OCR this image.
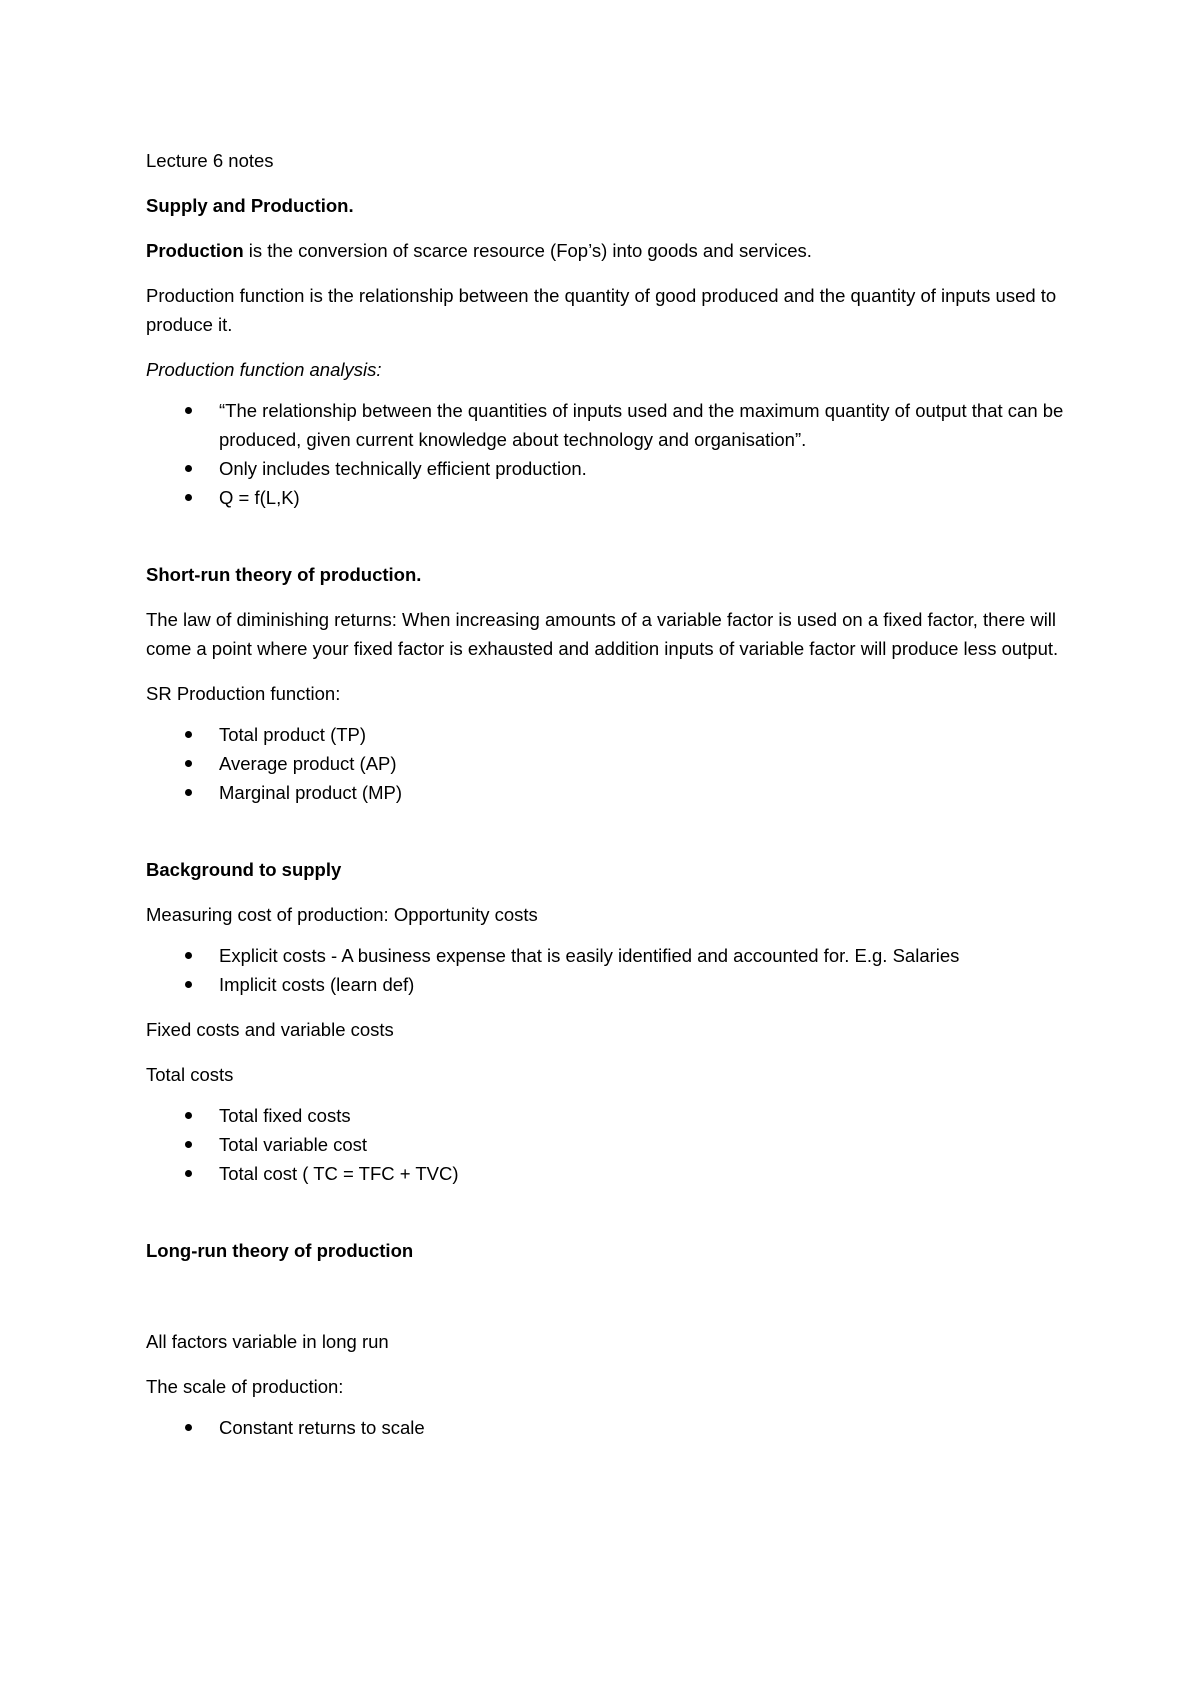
Lecture 6 notes

Supply and Production.

Production is the conversion of scarce resource (Fop’s) into goods and services.

Production function is the relationship between the quantity of good produced and the quantity of inputs used to produce it.

Production function analysis:

“The relationship between the quantities of inputs used and the maximum quantity of output that can be produced, given current knowledge about technology and organisation”.
Only includes technically efficient production.
Q = f(L,K)

Short-run theory of production.

The law of diminishing returns: When increasing amounts of a variable factor is used on a fixed factor, there will come a point where your fixed factor is exhausted and addition inputs of variable factor will produce less output.

SR Production function:

Total product (TP)
Average product (AP)
Marginal product (MP)

Background to supply

Measuring cost of production: Opportunity costs

Explicit costs - A business expense that is easily identified and accounted for. E.g. Salaries
Implicit costs (learn def)

Fixed costs and variable costs

Total costs

Total fixed costs
Total variable cost
Total cost ( TC = TFC + TVC)

Long-run theory of production

All factors variable in long run

The scale of production:

Constant returns to scale
